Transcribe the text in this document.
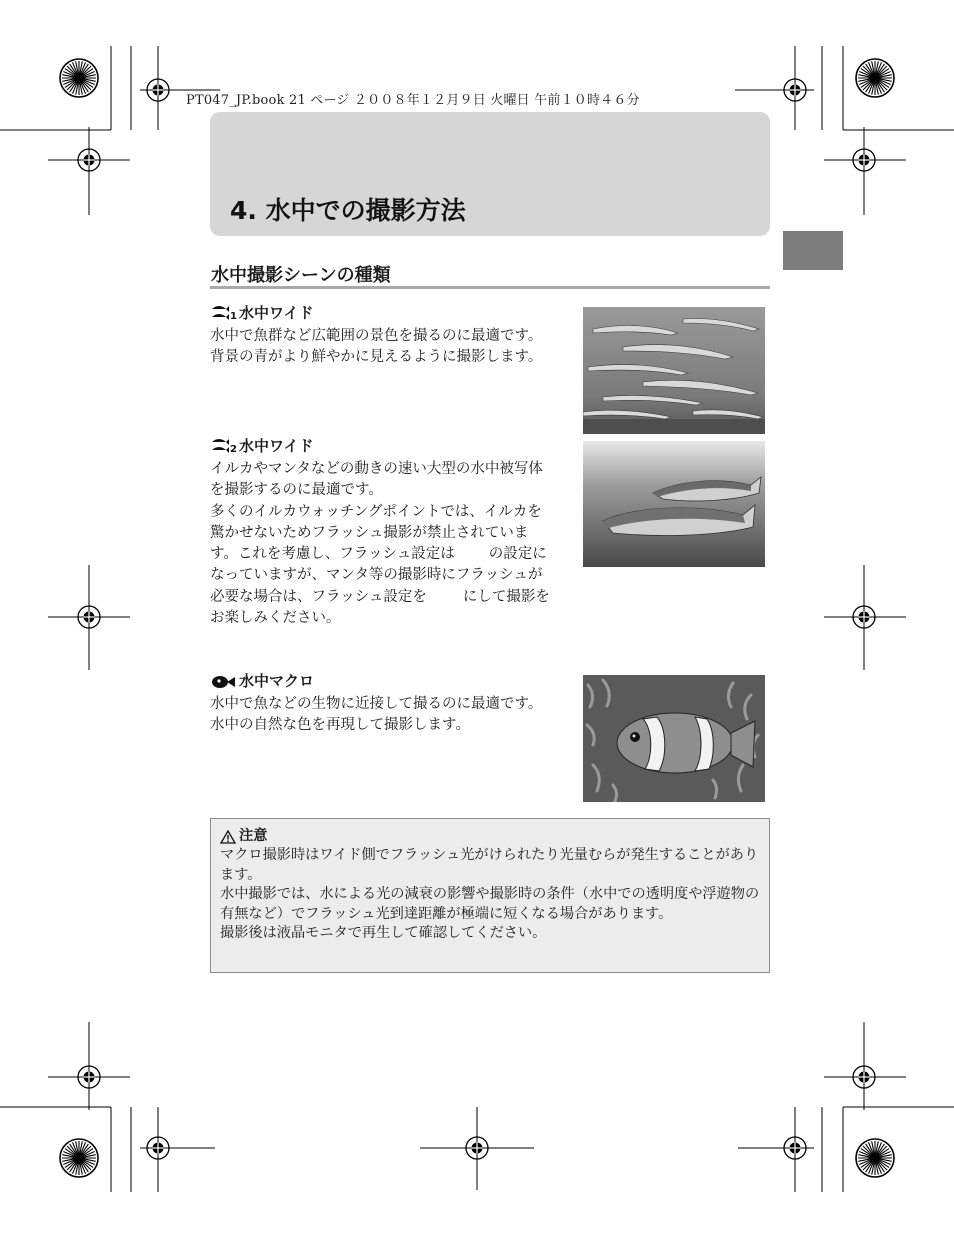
PT047_JP.book 21 ページ ２００８年１２月９日 火曜日 午前１０時４６分
4. 水中での撮影方法
水中撮影シーンの種類
1 水中ワイド

水中で魚群など広範囲の景色を撮るのに最適です。背景の青がより鮮やかに見えるように撮影します。

2 水中ワイド

イルカやマンタなどの動きの速い大型の水中被写体を撮影するのに最適です。

多くのイルカウォッチングポイントでは、イルカを驚かせないためフラッシュ撮影が禁止されています。これを考慮し、フラッシュ設定は の設定になっていますが、マンタ等の撮影時にフラッシュが必要な場合は、フラッシュ設定を にして撮影をお楽しみください。

水中マクロ

水中で魚などの生物に近接して撮るのに最適です。水中の自然な色を再現して撮影します。

注意

マクロ撮影時はワイド側でフラッシュ光がけられたり光量むらが発生することがあります。

水中撮影では、水による光の減衰の影響や撮影時の条件（水中での透明度や浮遊物の有無など）でフラッシュ光到達距離が極端に短くなる場合があります。

撮影後は液晶モニタで再生して確認してください。
